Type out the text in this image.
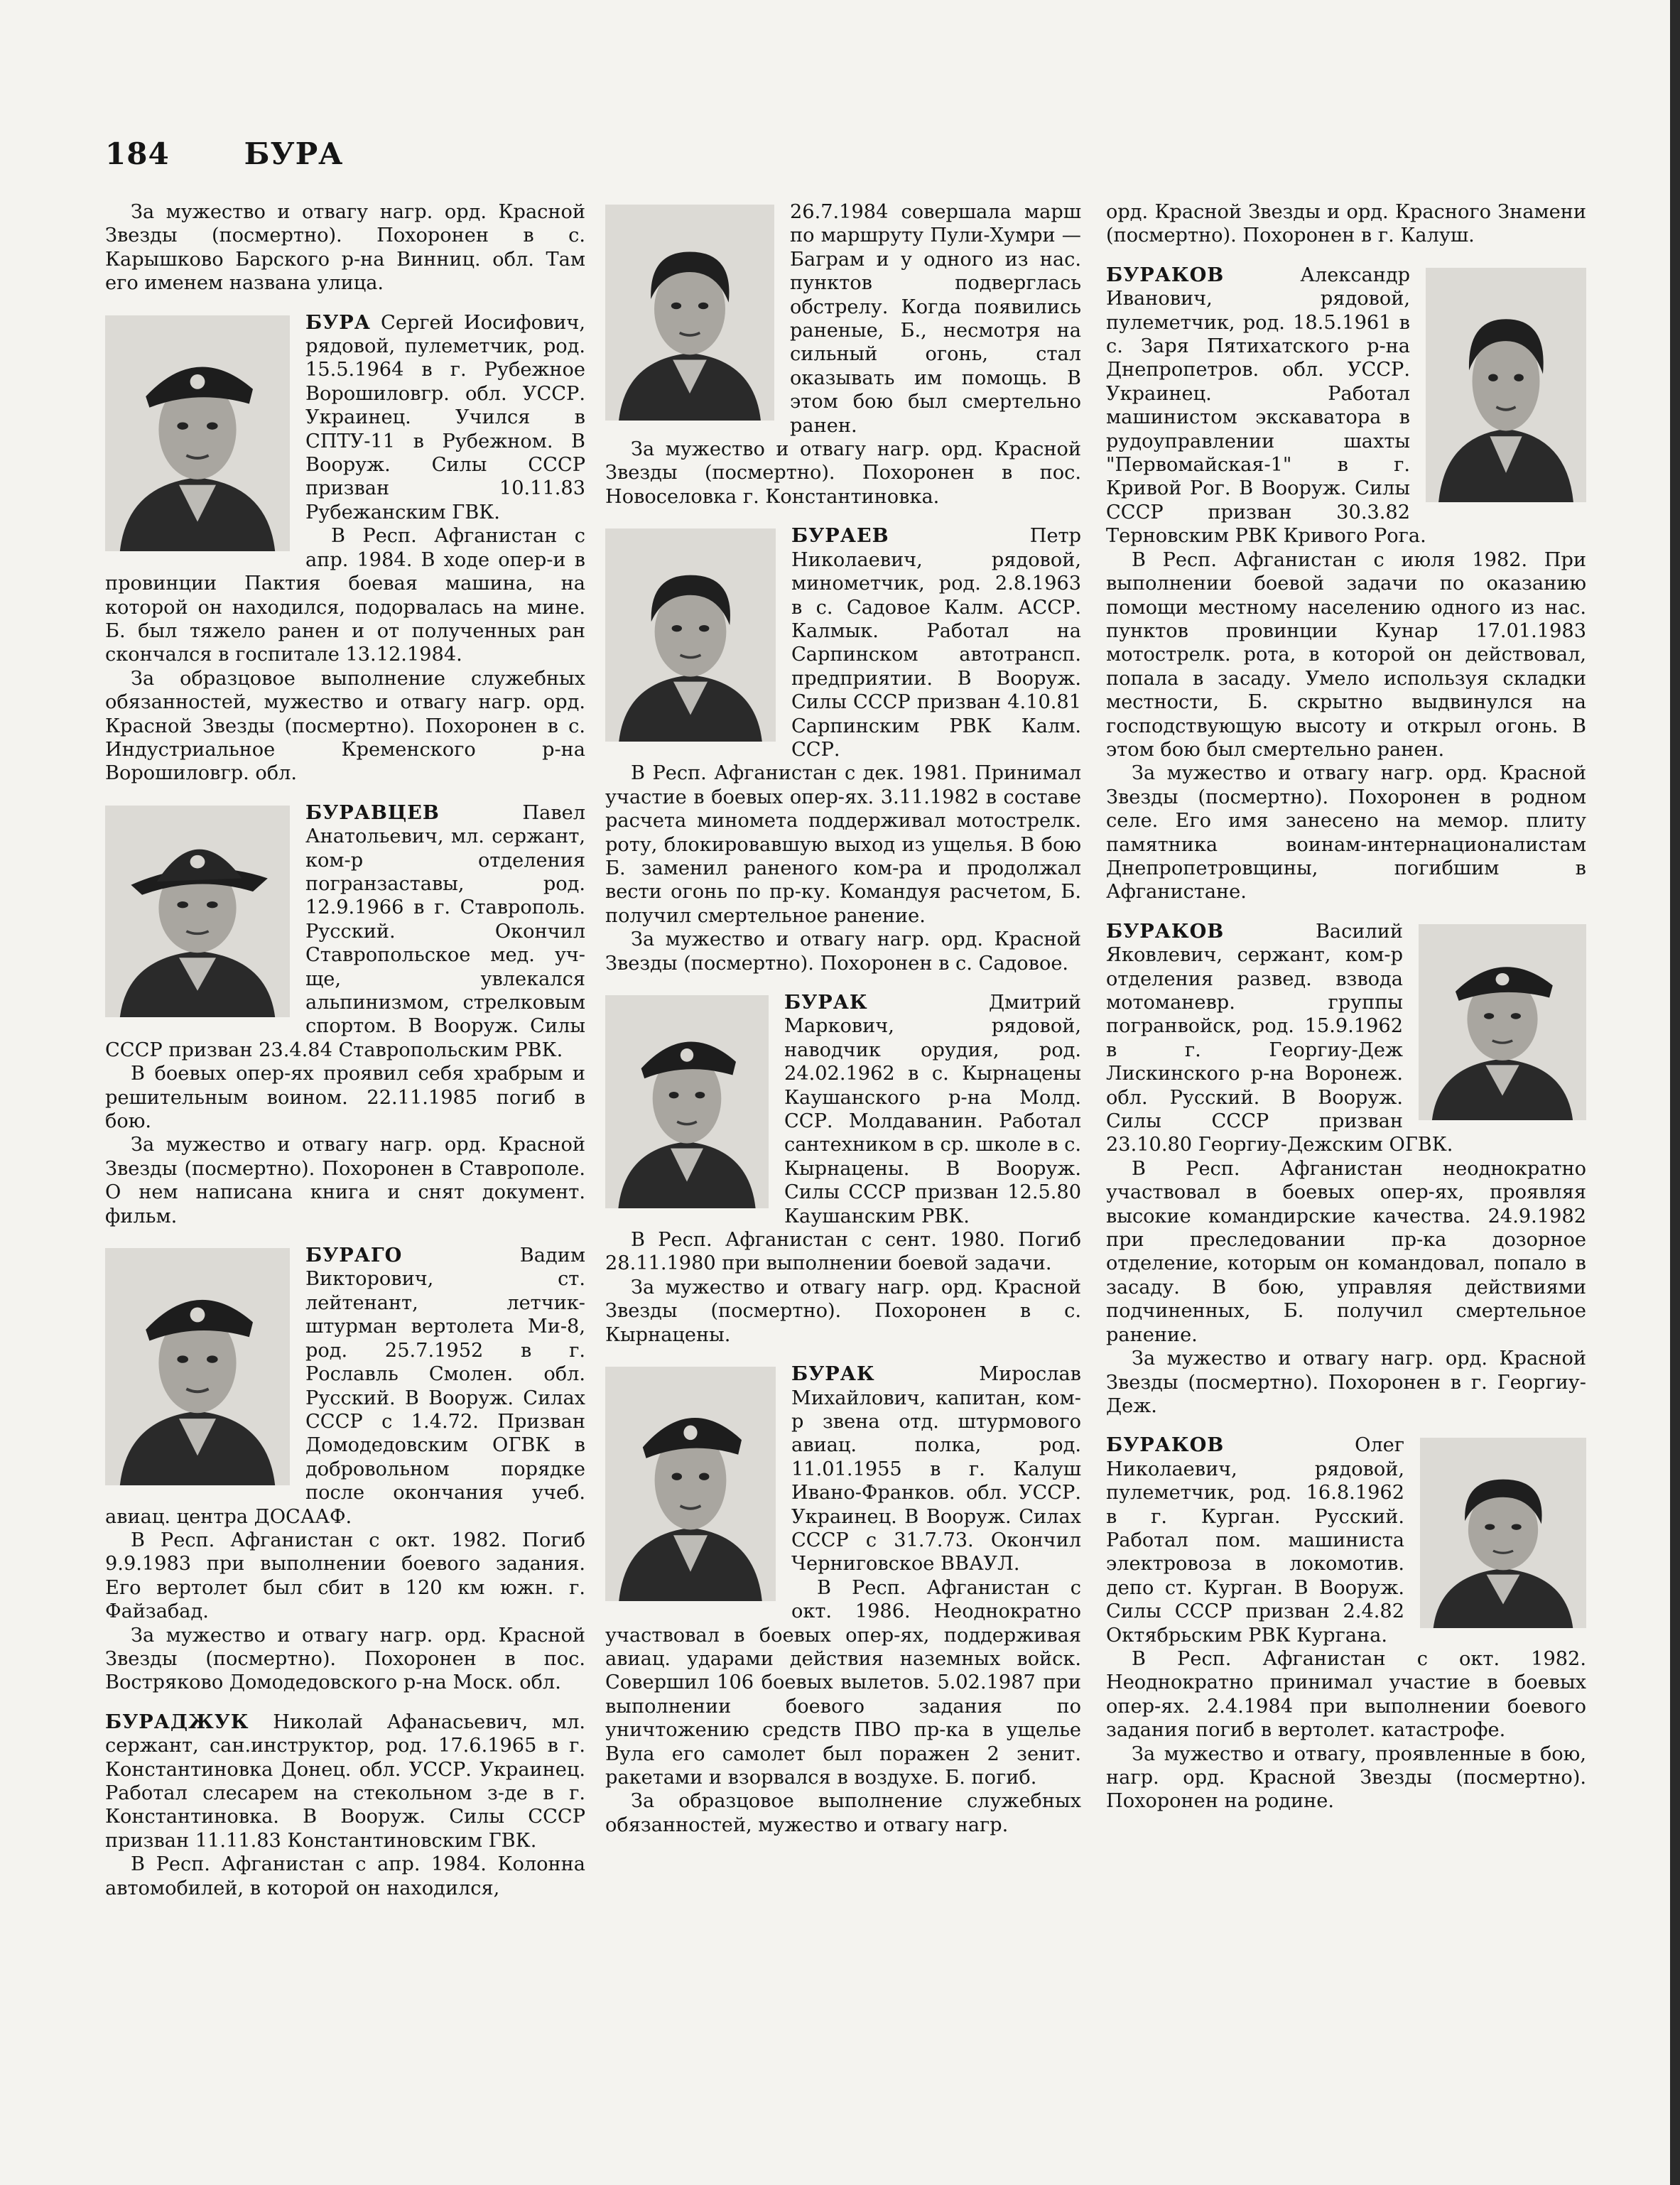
184 БУРА

За мужество и отвагу нагр. орд. Красной Звезды (посмертно). Похоронен в с. Карышково Барского р-на Винниц. обл. Там его именем названа улица.

БУРА Сергей Иосифович, рядовой, пулеметчик, род. 15.5.1964 в г. Рубежное Ворошиловгр. обл. УССР. Украинец. Учился в СПТУ-11 в Рубежном. В Вооруж. Силы СССР призван 10.11.83 Рубежанским ГВК.

В Респ. Афганистан с апр. 1984. В ходе опер-и в провинции Пактия боевая машина, на которой он находился, подорвалась на мине. Б. был тяжело ранен и от полученных ран скончался в госпитале 13.12.1984.

За образцовое выполнение служебных обязанностей, мужество и отвагу нагр. орд. Красной Звезды (посмертно). Похоронен в с. Индустриальное Кременского р-на Ворошиловгр. обл.

БУРАВЦЕВ	Павел Анатольевич, мл. сержант, ком-р отделения погранзаставы, род. 12.9.1966 в г. Ставрополь. Русский. Окончил Ставропольское мед. уч-ще, увлекался альпинизмом, стрелковым спортом. В Вооруж. Силы СССР призван 23.4.84 Ставропольским РВК.

В боевых опер-ях проявил себя храбрым и решительным воином. 22.11.1985 погиб в бою.

За мужество и отвагу нагр. орд. Красной Звезды (посмертно). Похоронен в Ставрополе. О нем написана книга и снят документ. фильм.

БУРАГО	Вадим Викторович, ст. лейтенант, летчик-штурман вертолета Ми-8, род. 25.7.1952 в г. Рославль Смолен. обл. Русский. В Вооруж. Силах СССР с 1.4.72. Призван Домодедовским ОГВК в добровольном порядке после окончания учеб. авиац. центра ДОСААФ.

В Респ. Афганистан с окт. 1982. Погиб 9.9.1983 при выполнении боевого задания. Его вертолет был сбит в 120 км южн. г. Файзабад.

За мужество и отвагу нагр. орд. Красной Звезды (посмертно). Похоронен в пос. Востряково Домодедовского р-на Моск. обл.

БУРАДЖУК Николай Афанасьевич, мл. сержант, сан.инструктор, род. 17.6.1965 в г. Константиновка Донец. обл. УССР. Украинец. Работал слесарем на стекольном з-де в г. Константиновка. В Вооруж. Силы СССР призван 11.11.83 Константиновским ГВК.

В Респ. Афганистан с апр. 1984. Колонна автомобилей, в которой он находился,

26.7.1984 совершала марш по маршруту Пули-Хумри — Баграм и у одного из нас. пунктов подверглась обстрелу. Когда появились раненые, Б., несмотря на сильный огонь, стал оказывать им помощь. В этом бою был смертельно ранен.

За мужество и отвагу нагр. орд. Красной Звезды (посмертно). Похоронен в пос. Новоселовка г. Константиновка.

БУРАЕВ	Петр Николаевич, рядовой, минометчик, род. 2.8.1963 в с. Садовое Калм. АССР. Калмык. Работал на Сарпинском автотрансп. предприятии. В Вооруж. Силы СССР призван 4.10.81 Сарпинским РВК Калм. ССР.

В Респ. Афганистан с дек. 1981. Принимал участие в боевых опер-ях. 3.11.1982 в составе расчета миномета поддерживал мотострелк. роту, блокировавшую выход из ущелья. В бою Б. заменил раненого ком-ра и продолжал вести огонь по пр-ку. Командуя расчетом, Б. получил смертельное ранение.

За мужество и отвагу нагр. орд. Красной Звезды (посмертно). Похоронен в с. Садовое.

БУРАК	Дмитрий Маркович, рядовой, наводчик орудия, род. 24.02.1962 в с. Кырнацены Каушанского р-на Молд. ССР. Молдаванин. Работал сантехником в ср. школе в с. Кырнацены. В Вооруж. Силы СССР призван 12.5.80 Каушанским РВК.

В Респ. Афганистан с сент. 1980. Погиб 28.11.1980 при выполнении боевой задачи.

За мужество и отвагу нагр. орд. Красной Звезды (посмертно). Похоронен в с. Кырнацены.

БУРАК	Мирослав Михайлович, капитан, ком-р звена отд. штурмового авиац. полка, род. 11.01.1955 в г. Калуш Ивано-Франков. обл. УССР. Украинец. В Вооруж. Силах СССР с 31.7.73. Окончил Черниговское ВВАУЛ.

В Респ. Афганистан с окт. 1986. Неоднократно участвовал в боевых опер-ях, поддерживая авиац. ударами действия наземных войск. Совершил 106 боевых вылетов. 5.02.1987 при выполнении боевого задания по уничтожению средств ПВО пр-ка в ущелье Вула его самолет был поражен 2 зенит. ракетами и взорвался в воздухе. Б. погиб.

За образцовое выполнение служебных обязанностей, мужество и отвагу нагр.

орд. Красной Звезды и орд. Красного Знамени (посмертно). Похоронен в г. Калуш.

БУРАКОВ	Александр Иванович, рядовой, пулеметчик, род. 18.5.1961 в с. Заря Пятихатского р-на Днепропетров. обл. УССР. Украинец. Работал машинистом экскаватора в рудоуправлении шахты "Первомайская-1" в г. Кривой Рог. В Вооруж. Силы СССР призван 30.3.82 Терновским РВК Кривого Рога.

В Респ. Афганистан с июля 1982. При выполнении боевой задачи по оказанию помощи местному населению одного из нас. пунктов провинции Кунар 17.01.1983 мотострелк. рота, в которой он действовал, попала в засаду. Умело используя складки местности, Б. скрытно выдвинулся на господствующую высоту и открыл огонь. В этом бою был смертельно ранен.

За мужество и отвагу нагр. орд. Красной Звезды (посмертно). Похоронен в родном селе. Его имя занесено на мемор. плиту памятника воинам-интернационалистам Днепропетровщины, погибшим в Афганистане.

БУРАКОВ	Василий Яковлевич, сержант, ком-р отделения развед. взвода мотоманевр. группы погранвойск, род. 15.9.1962 в г. Георгиу-Деж Лискинского р-на Воронеж. обл. Русский. В Вооруж. Силы СССР призван 23.10.80 Георгиу-Дежским ОГВК.

В Респ. Афганистан неоднократно участвовал в боевых опер-ях, проявляя высокие командирские качества. 24.9.1982 при преследовании пр-ка дозорное отделение, которым он командовал, попало в засаду. В бою, управляя действиями подчиненных, Б. получил смертельное ранение.

За мужество и отвагу нагр. орд. Красной Звезды (посмертно). Похоронен в г. Георгиу-Деж.

БУРАКОВ	Олег Николаевич, рядовой, пулеметчик, род. 16.8.1962 в г. Курган. Русский. Работал пом. машиниста электровоза в локомотив. депо ст. Курган. В Вооруж. Силы СССР призван 2.4.82 Октябрьским РВК Кургана.

В Респ. Афганистан с окт. 1982. Неоднократно принимал участие в боевых опер-ях. 2.4.1984 при выполнении боевого задания погиб в вертолет. катастрофе.

За мужество и отвагу, проявленные в бою, нагр. орд. Красной Звезды (посмертно). Похоронен на родине.
